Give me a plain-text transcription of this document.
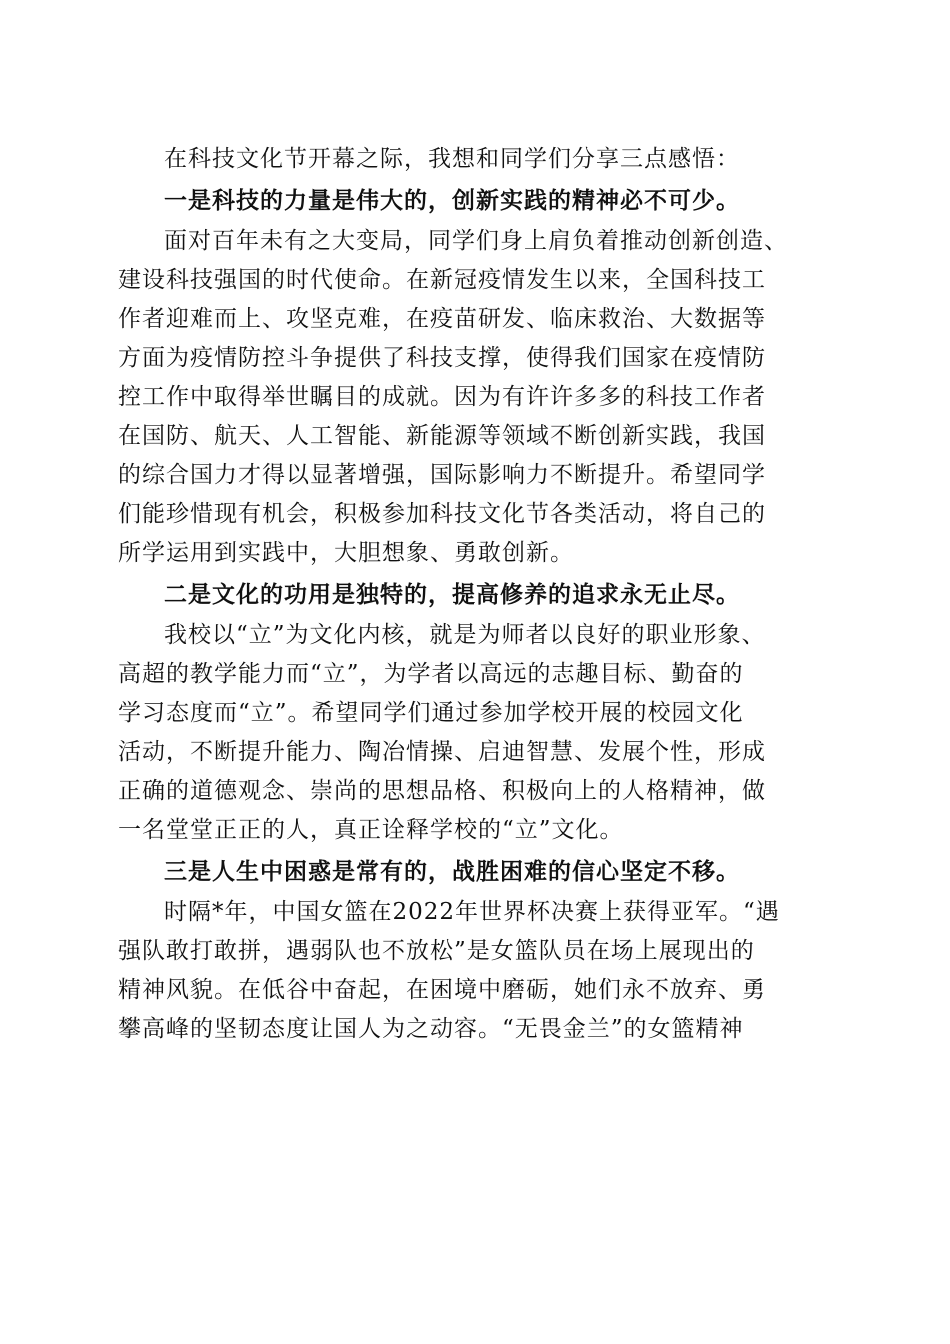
在科技文化节开幕之际，我想和同学们分享三点感悟：

一是科技的力量是伟大的，创新实践的精神必不可少。

面对百年未有之大变局，同学们身上肩负着推动创新创造、
建设科技强国的时代使命。在新冠疫情发生以来，全国科技工
作者迎难而上、攻坚克难，在疫苗研发、临床救治、大数据等
方面为疫情防控斗争提供了科技支撑，使得我们国家在疫情防
控工作中取得举世瞩目的成就。因为有许许多多的科技工作者
在国防、航天、人工智能、新能源等领域不断创新实践，我国
的综合国力才得以显著增强，国际影响力不断提升。希望同学
们能珍惜现有机会，积极参加科技文化节各类活动，将自己的
所学运用到实践中，大胆想象、勇敢创新。

二是文化的功用是独特的，提高修养的追求永无止尽。

我校以“立”为文化内核，就是为师者以良好的职业形象、
高超的教学能力而“立”，为学者以高远的志趣目标、勤奋的
学习态度而“立”。希望同学们通过参加学校开展的校园文化
活动，不断提升能力、陶冶情操、启迪智慧、发展个性，形成
正确的道德观念、崇尚的思想品格、积极向上的人格精神，做
一名堂堂正正的人，真正诠释学校的“立”文化。

三是人生中困惑是常有的，战胜困难的信心坚定不移。

时隔*年，中国女篮在2022年世界杯决赛上获得亚军。“遇
强队敢打敢拼，遇弱队也不放松”是女篮队员在场上展现出的
精神风貌。在低谷中奋起，在困境中磨砺，她们永不放弃、勇
攀高峰的坚韧态度让国人为之动容。“无畏金兰”的女篮精神
